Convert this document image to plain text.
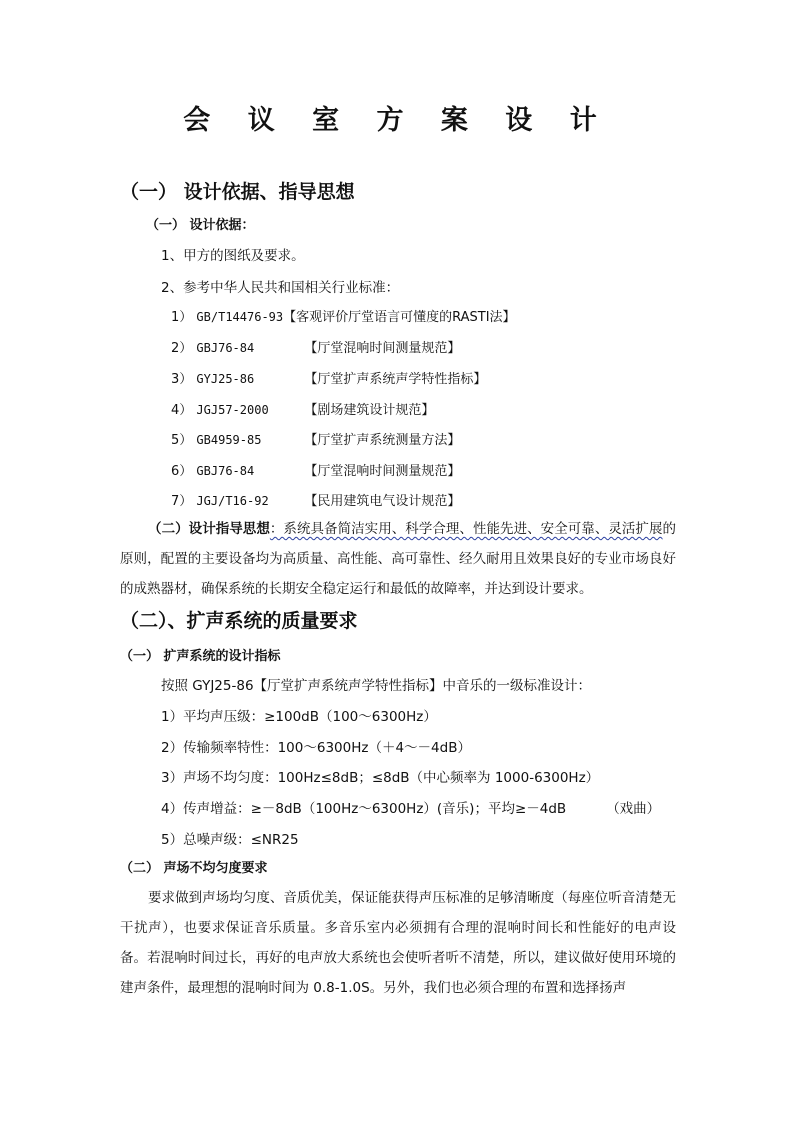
会 议 室 方 案 设 计
（一） 设计依据、指导思想
（一） 设计依据：
1、甲方的图纸及要求。
2、参考中华人民共和国相关行业标准：
1） GB/T14476-93【客观评价厅堂语言可懂度的RASTI法】
2） GBJ76-84	【厅堂混响时间测量规范】
3） GYJ25-86	【厅堂扩声系统声学特性指标】
4） JGJ57-2000	【剧场建筑设计规范】
5） GB4959-85	【厅堂扩声系统测量方法】
6） GBJ76-84	【厅堂混响时间测量规范】
7） JGJ/T16-92	【民用建筑电气设计规范】
（二）设计指导思想：系统具备简洁实用、科学合理、性能先进、安全可靠、灵活扩展的原则，配置的主要设备均为高质量、高性能、高可靠性、经久耐用且效果良好的专业市场良好的成熟器材，确保系统的长期安全稳定运行和最低的故障率，并达到设计要求。
（二）、扩声系统的质量要求
（一） 扩声系统的设计指标
按照 GYJ25-86【厅堂扩声系统声学特性指标】中音乐的一级标准设计：
1）平均声压级：≥100dB（100～6300Hz）
2）传输频率特性：100～6300Hz（＋4～－4dB）
3）声场不均匀度：100Hz≤8dB；≤8dB（中心频率为 1000-6300Hz）
4）传声增益：≥－8dB（100Hz～6300Hz）(音乐)；平均≥－4dB	（戏曲）
5）总噪声级：≤NR25
（二） 声场不均匀度要求
要求做到声场均匀度、音质优美，保证能获得声压标准的足够清晰度（每座位听音清楚无干扰声），也要求保证音乐质量。多音乐室内必须拥有合理的混响时间长和性能好的电声设备。若混响时间过长，再好的电声放大系统也会使听者听不清楚，所以，建议做好使用环境的建声条件，最理想的混响时间为 0.8-1.0S。另外，我们也必须合理的布置和选择扬声
